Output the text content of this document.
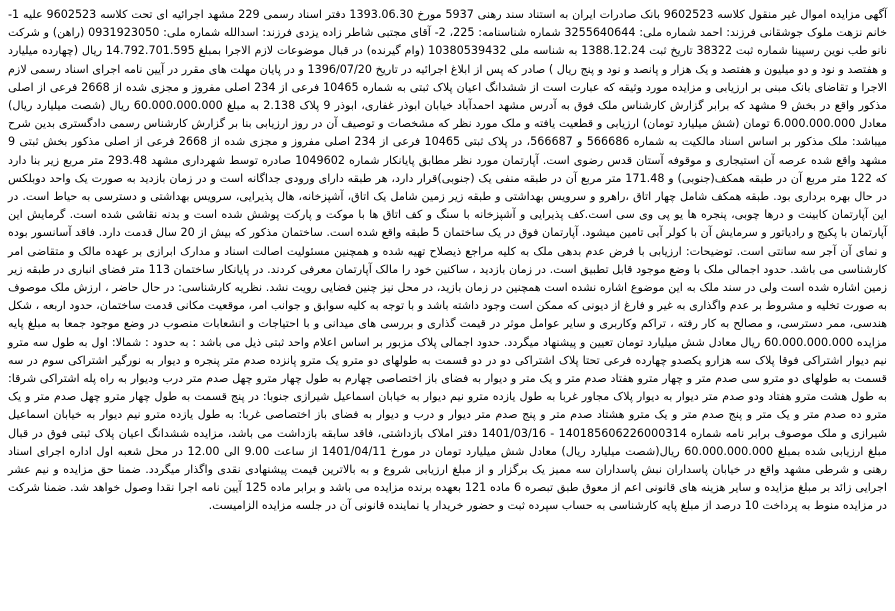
آگهی مزایده اموال غیر منقول کلاسه 9602523 بانک صادرات ایران به استناد سند رهنی 5937 مورخ 1393.06.30 دفتر اسناد رسمی 229 مشهد اجرائیه ای تحت کلاسه 9602523 علیه 1- خانم نزهت ملوک جوشقانی فرزند: احمد شماره ملی: 3255640644 شماره شناسنامه: 225، 2- آقای مجتبی شاطر زاده یزدی فرزند: اسدالله شماره ملی: 0931923050 (راهن) و شرکت نانو طب نوین رسپینا شماره ثبت 38322 تاریخ ثبت 1388.12.24 به شناسه ملی 10380539432 (وام گیرنده) در قبال موضوعات لازم الاجرا بمبلغ 14.792.701.595 ریال (چهارده میلیارد و هفتصد و نود و دو میلیون و هفتصد و یک هزار و پانصد و نود و پنج ریال ) صادر که پس از ابلاغ اجرائیه در تاریخ 1396/07/20 و در پایان مهلت های مقرر در آیین نامه اجرای اسناد رسمی لازم الاجرا و تقاضای بانک مبنی بر ارزیابی و مزایده مورد وثیقه که عبارت است از ششدانگ اعیان پلاک ثبتی به شماره 10465 فرعی از 234 اصلی مفروز و مجزی شده از 2668 فرعی از اصلی مذکور واقع در بخش 9 مشهد که برابر گزارش کارشناس ملک فوق به آدرس مشهد احمدآباد خیابان ابوذر غفاری، ابوذر 9 پلاک 2.138 به مبلغ 60.000.000.000 ریال (شصت میلیارد ریال) معادل 6.000.000.000 تومان (شش میلیارد تومان) ارزیابی و قطعیت یافته و ملک مورد نظر که مشخصات و توصیف آن در روز ارزیابی بنا بر گزارش کارشناس رسمی دادگستری بدین شرح میباشد: ملک مذکور بر اساس اسناد مالکیت به شماره 566686 و 566687، در پلاک ثبتی 10465 فرعی از 234 اصلی مفروز و مجزی شده از 2668 فرعی از اصلی مذکور بخش ثبتی 9 مشهد واقع شده عرصه آن استیجاری و موقوفه آستان قدس رضوی است. آپارتمان مورد نظر مطابق پایانکار شماره 1049602 صادره توسط شهرداری مشهد 293.48 متر مربع زیر بنا دارد که 122 متر مربع آن در طبقه همکف(جنوبی) و 171.48 متر مربع آن در طبقه منفی یک (جنوبی)قرار دارد، هر طبقه دارای ورودی جداگانه است و در زمان بازدید به صورت یک واحد دوبلکس در حال بهره برداری بود. طبقه همکف شامل چهار اتاق ،راهرو و سرویس بهداشتی و طبقه زیر زمین شامل یک اتاق، آشپزخانه، هال پذیرایی، سرویس بهداشتی و دسترسی به حیاط است. در این آپارتمان کابینت و درها چوبی، پنجره ها یو پی وی سی است.کف پذیرایی و آشپزخانه با سنگ و کف اتاق ها با موکت و پارکت پوشش شده است و بدنه نقاشی شده است. گرمایش این آپارتمان با پکیج و رادیاتور و سرمایش آن با کولر آبی تامین میشود. آپارتمان فوق در یک ساختمان 5 طبقه واقع شده است. ساختمان مذکور که بیش از 20 سال قدمت دارد. فاقد آسانسور بوده و نمای آن آجر سه سانتی است. توضیحات: ارزیابی با فرض عدم بدهی ملک به کلیه مراجع ذیصلاح تهیه شده و همچنین مسئولیت اصالت اسناد و مدارک ابرازی بر عهده مالک و متقاضی امر کارشناسی می باشد. حدود اجمالی ملک با وضع موجود قابل تطبیق است. در زمان بازدید ، ساکنین خود را مالک آپارتمان معرفی کردند. در پایانکار ساختمان 113 متر فضای انباری در طبقه زیر زمین اشاره شده است ولی در سند ملک به این موضوع اشاره نشده است همچنین در زمان بازید، در محل نیز چنین فضایی رویت نشد. نظریه کارشناسی: در حال حاضر ، ارزش ملک موصوف به صورت تخلیه و مشروط بر عدم واگذاری به غیر و فارغ از دیونی که ممکن است وجود داشته باشد و با توجه به کلیه سوابق و جوانب امر، موقعیت مکانی قدمت ساختمان، حدود اربعه ، شکل هندسی، ممر دسترسی، و مصالح به کار رفته ، تراکم وکاربری و سایر عوامل موثر در قیمت گذاری و بررسی های میدانی و با احتیاجات و انشعابات منصوب در وضع موجود جمعا به مبلغ پایه مزایده 60.000.000.000 ریال معادل شش میلیارد تومان تعیین و پیشنهاد میگردد. حدود اجمالی پلاک مزبور بر اساس اعلام واحد ثبتی ذیل می باشد : به حدود : شمالا: اول به طول سه مترو نیم دیوار اشتراکی فوقا پلاک سه هزارو یکصدو چهارده فرعی تحتا پلاک اشتراکی دو در دو قسمت به طولهای دو مترو یک مترو پانزده صدم متر پنجره و دیوار به نورگیر اشتراکی سوم در سه قسمت به طولهای دو مترو سی صدم متر و چهار مترو هفتاد صدم متر و یک متر و دیوار به فضای باز اختصاصی چهارم به طول چهار مترو چهل صدم متر درب ودیوار به راه پله اشتراکی شرقا: به طول هشت مترو هفتاد ودو صدم متر دیوار به دیوار پلاک مجاور غربا به طول یازده مترو نیم دیوار به خیابان اسماعیل شیرازی جنوبا: در پنج قسمت به طول چهار مترو چهل صدم متر و یک مترو ده صدم متر و یک متر و پنج صدم متر و یک مترو هشتاد صدم متر و پنج صدم متر دیوار و درب و دیوار به فضای باز اختصاصی غربا: به طول یازده مترو نیم دیوار به خیابان اسماعیل شیرازی و ملک موصوف برابر نامه شماره 140185606226000314 - 1401/03/16 دفتر املاک بازداشتی، فاقد سابقه بازداشت می باشد، مزایده ششدانگ اعیان پلاک ثبتی فوق در قبال مبلغ ارزیابی شده بمبلغ 60.000.000.000 ریال(شصت میلیارد ریال) معادل شش میلیارد تومان در مورخ 1401/04/11 از ساعت 9.00 الی 12.00 در محل شعبه اول اداره اجرای اسناد رهنی و شرطی مشهد واقع در خیابان پاسداران نبش پاسداران سه ممیز یک برگزار و از مبلغ ارزیابی شروع و به بالاترین قیمت پیشنهادی نقدی واگذار میگردد. ضمنا حق مزایده و نیم عشر اجرایی زائد بر مبلغ مزایده و سایر هزینه های قانونی اعم از معوق طبق تبصره 6 ماده 121 بعهده برنده مزایده می باشد و برابر ماده 125 آیین نامه اجرا نقدا وصول خواهد شد. ضمنا شرکت در مزایده منوط به پرداخت 10 درصد از مبلغ پایه کارشناسی به حساب سپرده ثبت و حضور خریدار یا نماینده قانونی آن در جلسه مزایده الزامیست.
